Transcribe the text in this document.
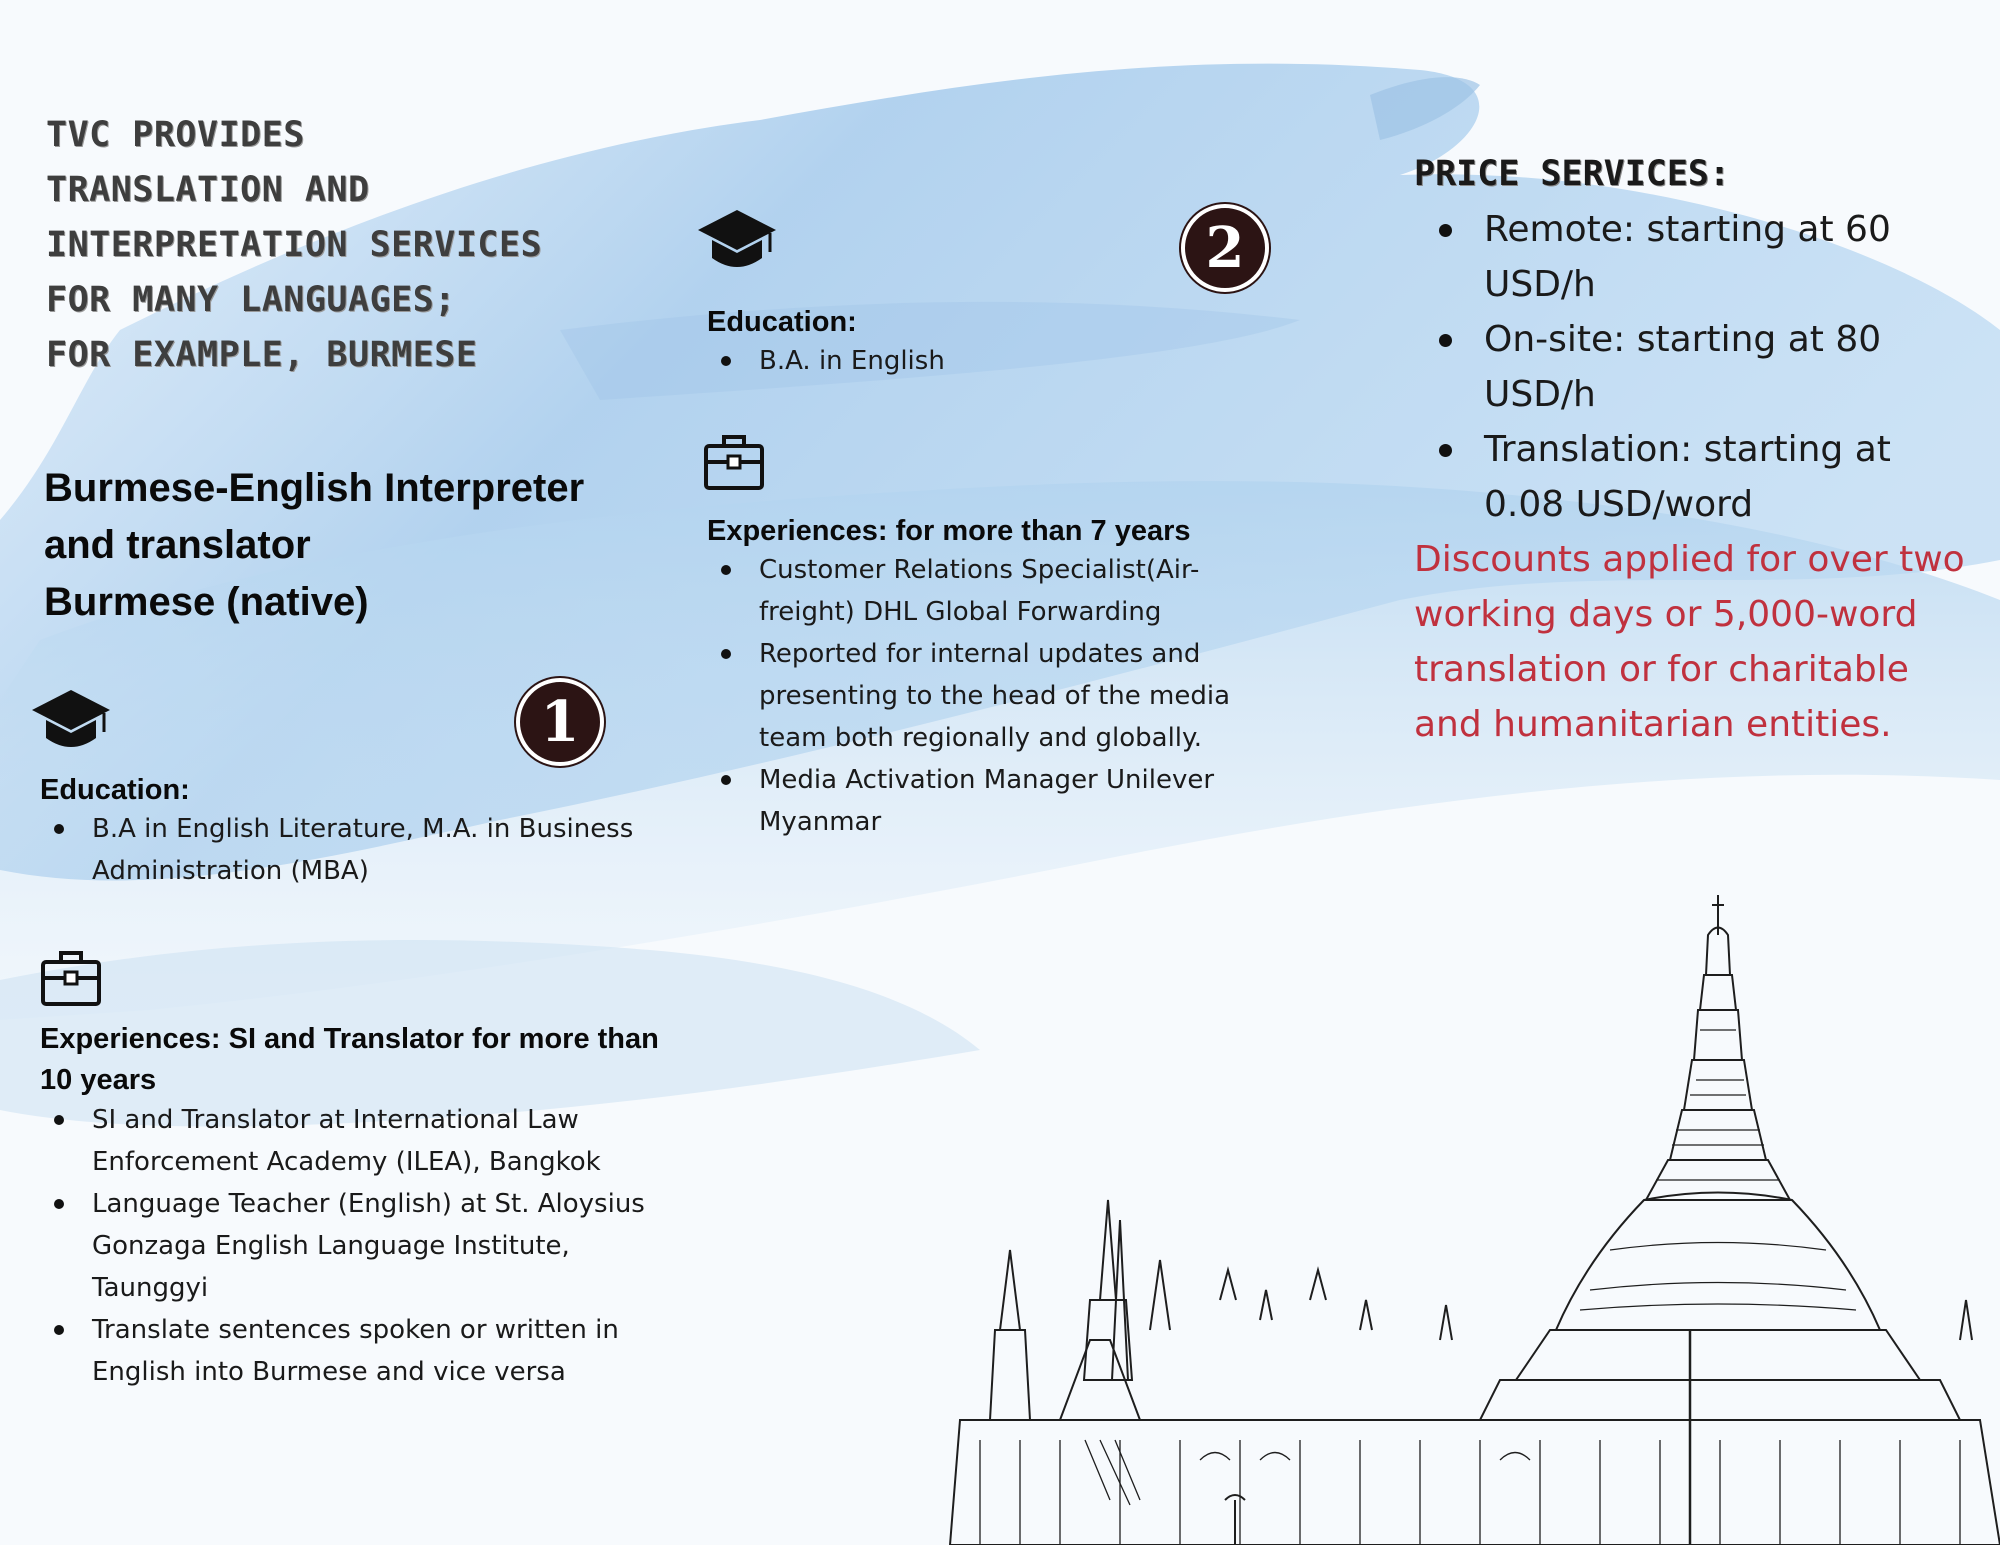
TVC PROVIDES
TRANSLATION AND
INTERPRETATION SERVICES
FOR MANY LANGUAGES;
FOR EXAMPLE, BURMESE
Burmese-English Interpreter
and translator
Burmese (native)
1
Education:
B.A in English Literature, M.A. in Business Administration (MBA)
Experiences: SI and Translator for more than 10 years
SI and Translator at International Law Enforcement Academy (ILEA), Bangkok
Language Teacher (English) at St. Aloysius Gonzaga English Language Institute, Taunggyi
Translate sentences spoken or written in English into Burmese and vice versa
2
Education:
B.A. in English
Experiences: for more than 7 years
Customer Relations Specialist(Air-freight) DHL Global Forwarding
Reported for internal updates and presenting to the head of the media team both regionally and globally.
Media Activation Manager Unilever Myanmar
PRICE SERVICES:
Remote: starting at 60 USD/h
On-site: starting at 80 USD/h
Translation: starting at 0.08 USD/word
Discounts applied for over two working days or 5,000-word translation or for charitable and humanitarian entities.
